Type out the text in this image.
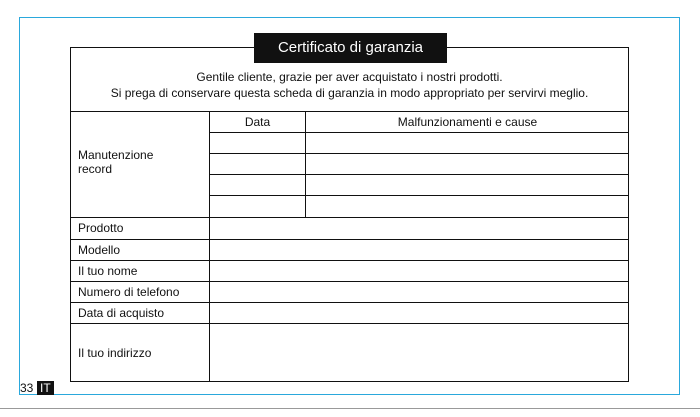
Certificato di garanzia
Gentile cliente, grazie per aver acquistato i nostri prodotti.
Si prega di conservare questa scheda di garanzia in modo appropriato per servirvi meglio.
Data	Malfunzionamenti e cause
Manutenzione
record
Prodotto
Modello
Il tuo nome
Numero di telefono
Data di acquisto
Il tuo indirizzo
33 IT
